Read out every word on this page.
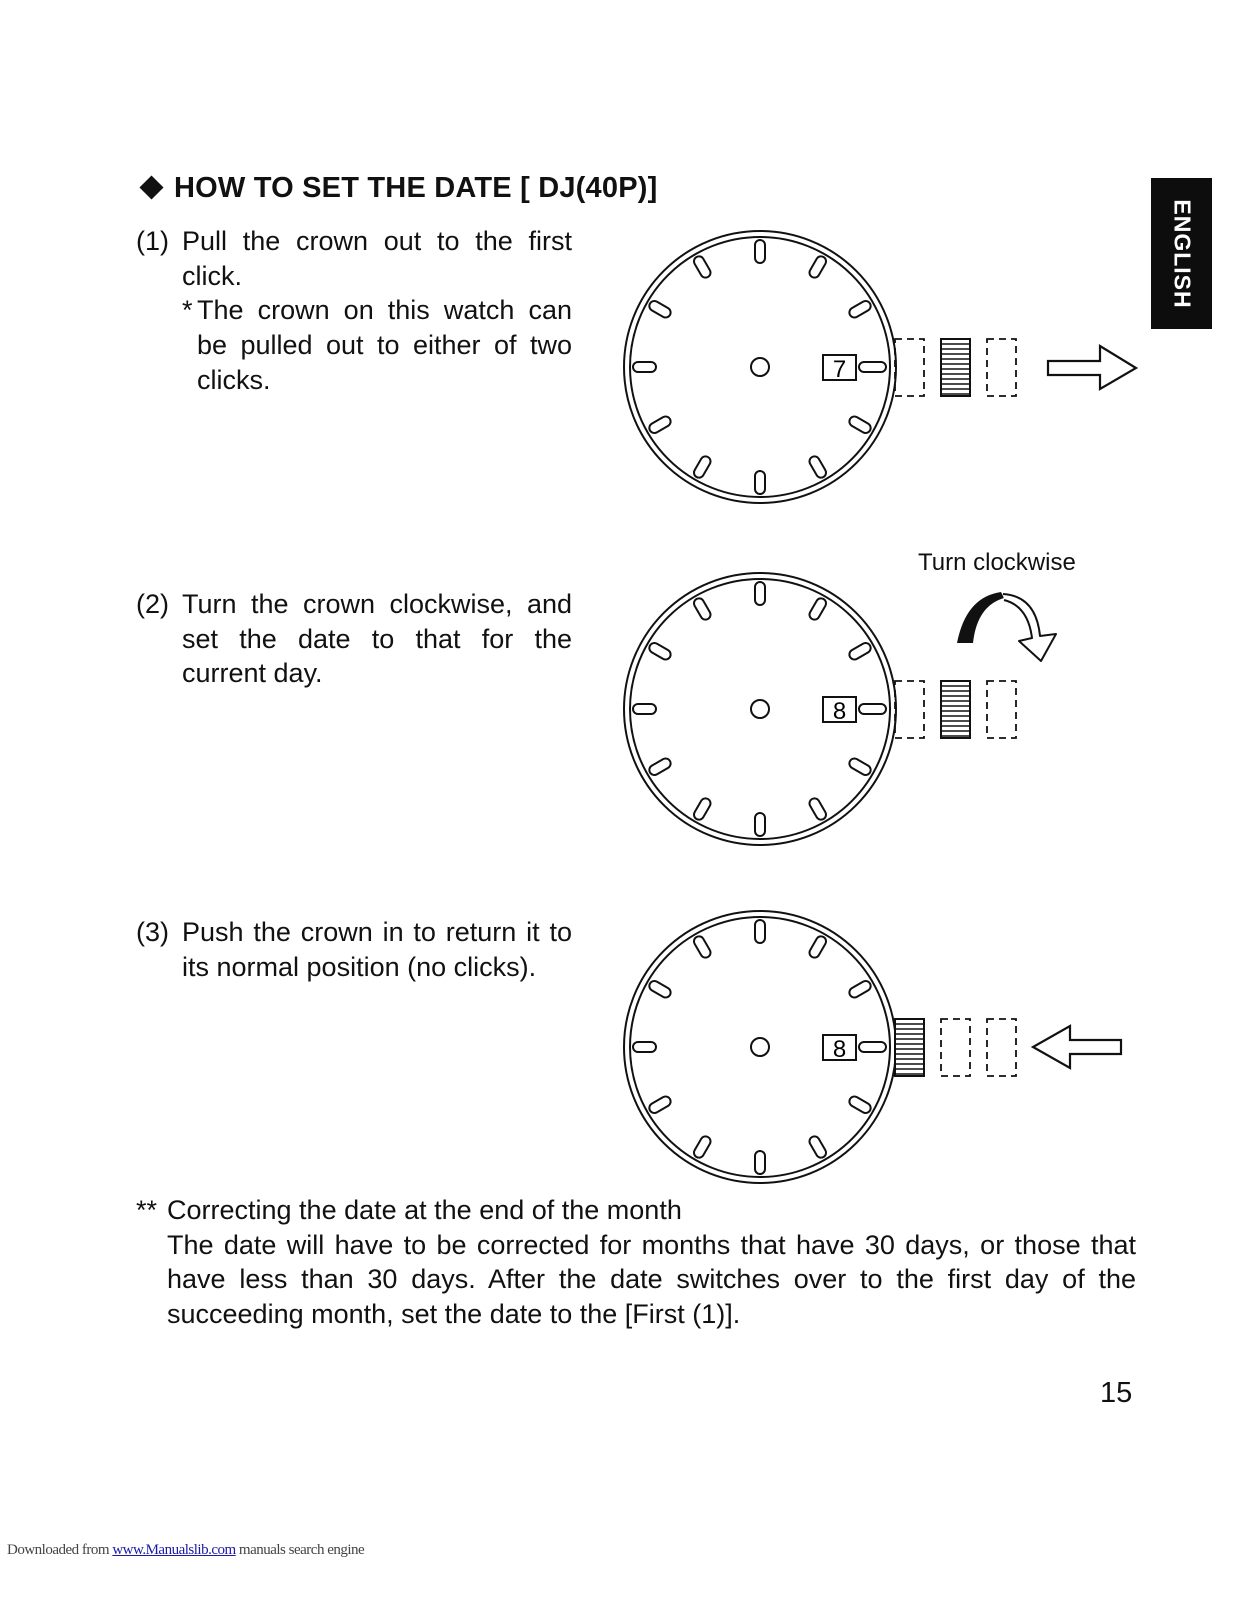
HOW TO SET THE DATE [ DJ(40P)]
ENGLISH
(1) Pull the crown out to the first click.
* The crown on this watch can be pulled out to either of two clicks.
(2) Turn the crown clockwise, and set the date to that for the current day.
(3) Push the crown in to return it to its normal position (no clicks).
7
Turn clockwise
8
8
** Correcting the date at the end of the month
The date will have to be corrected for months that have 30 days, or those that have less than 30 days. After the date switches over to the first day of the succeeding month, set the date to the [First (1)].
15
Downloaded from www.Manualslib.com manuals search engine
